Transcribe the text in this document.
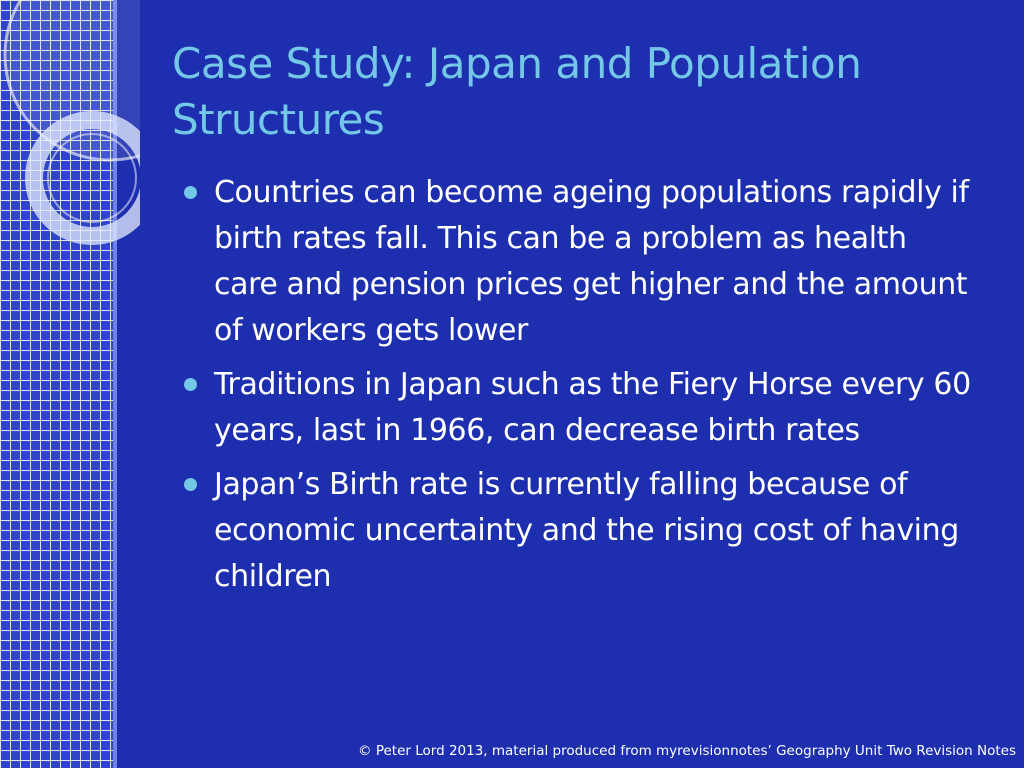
Case Study: Japan and Population Structures
Countries can become ageing populations rapidly if birth rates fall. This can be a problem as health care and pension prices get higher and the amount of workers gets lower
Traditions in Japan such as the Fiery Horse every 60 years, last in 1966, can decrease birth rates
Japan’s Birth rate is currently falling because of economic uncertainty and the rising cost of having children

© Peter Lord 2013, material produced from myrevisionnotes’ Geography Unit Two Revision Notes
